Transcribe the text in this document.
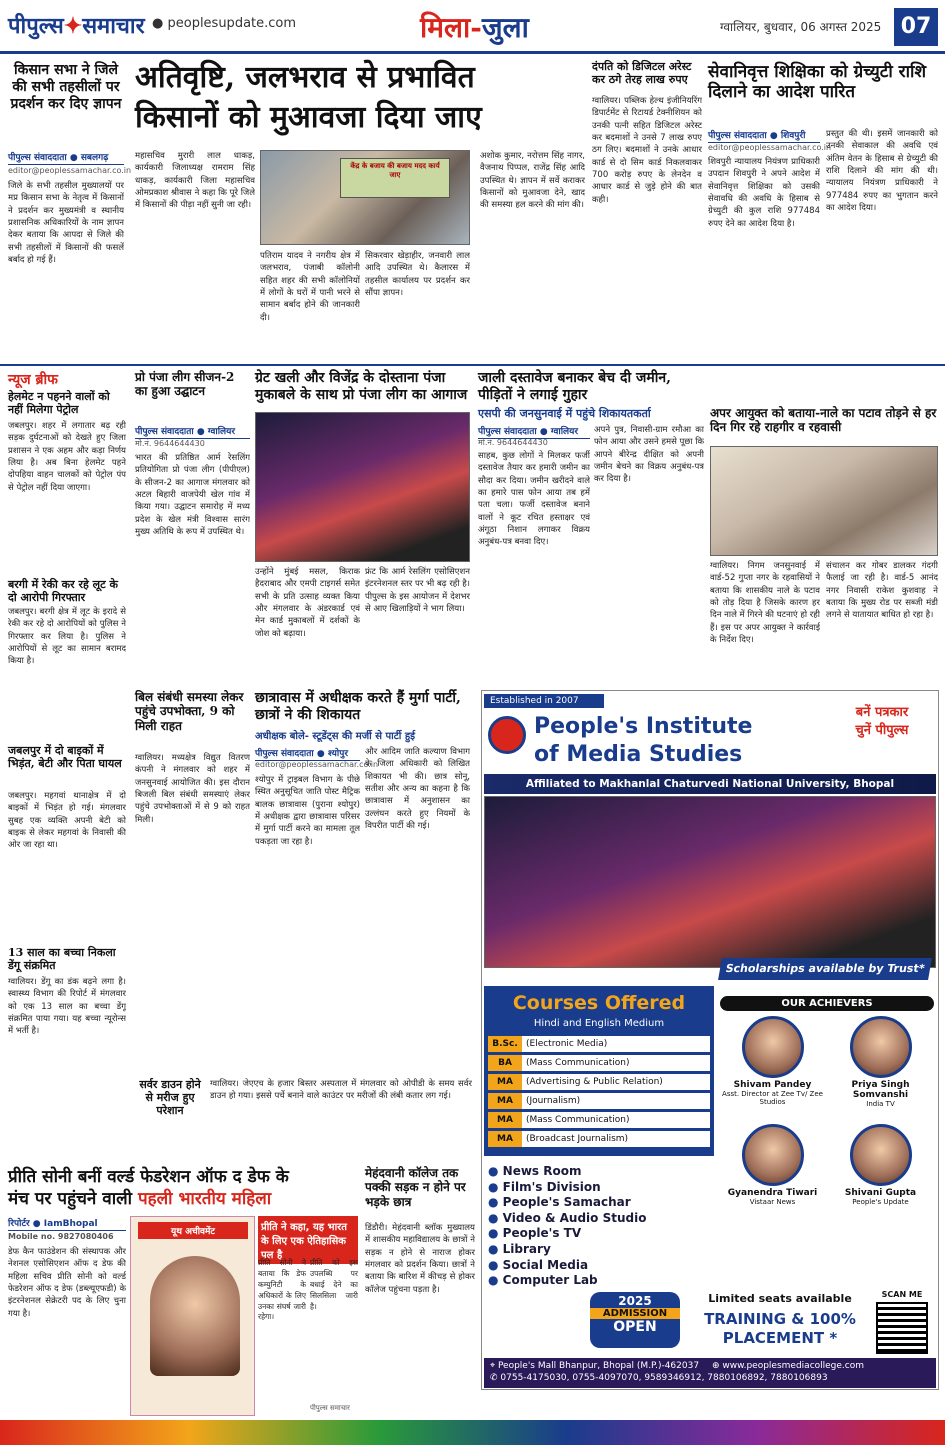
पीपुल्स✦समाचार ● peoplesupdate.com	मिला-जुला	ग्वालियर, बुधवार, 06 अगस्त 2025 07
किसान सभा ने जिले की सभी तहसीलों पर प्रदर्शन कर दिए ज्ञापन
पीपुल्स संवाददाता ● सबलगढ़
editor@peoplessamachar.co.in
जिले के सभी तहसील मुख्यालयों पर मप्र किसान सभा के नेतृत्व में किसानों ने प्रदर्शन कर मुख्यमंत्री व स्थानीय प्रशासनिक अधिकारियों के नाम ज्ञापन देकर बताया कि आपदा से जिले की सभी तहसीलों में किसानों की फसलें बर्बाद हो गई हैं।
अतिवृष्टि, जलभराव से प्रभावित
किसानों को मुआवजा दिया जाए
महासचिव मुरारी लाल धाकड़, कार्यकारी जिलाध्यक्ष रामराम सिंह धाकड़, कार्यकारी जिला महासचिव ओमप्रकाश श्रीवास ने कहा कि पूरे जिले में किसानों की पीड़ा नहीं सुनी जा रही।
केंद्र के बजाय की बजाय मदद कार्य जाए
पतिराम यादव ने नगरीय क्षेत्र में जलभराव, पंजाबी कॉलोनी सहित शहर की सभी कॉलोनियों में लोगों के घरों में पानी भरने से सामान बर्बाद होने की जानकारी दी।
सिकरवार खेड़ाहीर, जनवारी लाल आदि उपस्थित थे। कैलारस में तहसील कार्यालय पर प्रदर्शन कर सौंपा ज्ञापन।
अशोक कुमार, नरोत्तम सिंह नागर, वैजनाथ पिप्पल, राजेंद्र सिंह आदि उपस्थित थे। ज्ञापन में सर्वे कराकर किसानों को मुआवजा देने, खाद की समस्या हल करने की मांग की।
दंपति को डिजिटल अरेस्ट कर ठगे तेरह लाख रुपए
ग्वालियर। पब्लिक हेल्थ इंजीनियरिंग डिपार्टमेंट से रिटायर्ड टेक्नीशियन को उनकी पत्नी सहित डिजिटल अरेस्ट कर बदमाशों ने उनसे 7 लाख रुपए ठग लिए। बदमाशों ने उनके आधार कार्ड से दो सिम कार्ड निकलवाकर 700 करोड़ रुपए के लेनदेन व आधार कार्ड से जुड़े होने की बात कही।
सेवानिवृत्त शिक्षिका को ग्रेच्युटी राशि दिलाने का आदेश पारित
पीपुल्स संवाददाता ● शिवपुरी
editor@peoplessamachar.co.in
शिवपुरी न्यायालय नियंत्रण प्राधिकारी उपदान शिवपुरी ने अपने आदेश में सेवानिवृत्त शिक्षिका को उसकी सेवावधि की अवधि के हिसाब से ग्रेच्युटी की कुल राशि 977484 रुपए देने का आदेश दिया है।
प्रस्तुत की थी। इसमें जानकारी को उनकी सेवाकाल की अवधि एवं अंतिम वेतन के हिसाब से ग्रेच्युटी की राशि दिलाने की मांग की थी। न्यायालय नियंत्रण प्राधिकारी ने 977484 रुपए का भुगतान करने का आदेश दिया।
न्यूज ब्रीफ
हेलमेट न पहनने वालों को नहीं मिलेगा पेट्रोल
जबलपुर। शहर में लगातार बढ़ रही सड़क दुर्घटनाओं को देखते हुए जिला प्रशासन ने एक अहम और कड़ा निर्णय लिया है। अब बिना हेलमेट पहने दोपहिया वाहन चालकों को पेट्रोल पंप से पेट्रोल नहीं दिया जाएगा।
बरगी में रेकी कर रहे लूट के दो आरोपी गिरफ्तार
जबलपुर। बरगी क्षेत्र में लूट के इरादे से रेकी कर रहे दो आरोपियों को पुलिस ने गिरफ्तार कर लिया है। पुलिस ने आरोपियों से लूट का सामान बरामद किया है।
जबलपुर में दो बाइकों में भिड़ंत, बेटी और पिता घायल
जबलपुर। महगवां थानाक्षेत्र में दो बाइकों में भिड़ंत हो गई। मंगलवार सुबह एक व्यक्ति अपनी बेटी को बाइक से लेकर महगवां के निवासी की ओर जा रहा था।
13 साल का बच्चा निकला डेंगू संक्रमित
ग्वालियर। डेंगू का डंक बढ़ने लगा है। स्वास्थ्य विभाग की रिपोर्ट में मंगलवार को एक 13 साल का बच्चा डेंगू संक्रमित पाया गया। यह बच्चा न्यूरोन्स में भर्ती है।
प्रो पंजा लीग सीजन-2 का हुआ उद्घाटन
पीपुल्स संवाददाता ● ग्वालियर
मो.नं. 9644644430
भारत की प्रतिष्ठित आर्म रेसलिंग प्रतियोगिता प्रो पंजा लीग (पीपीएल) के सीजन-2 का आगाज मंगलवार को अटल बिहारी वाजपेयी खेल गांव में किया गया। उद्घाटन समारोह में मध्य प्रदेश के खेल मंत्री विश्वास सारंग मुख्य अतिथि के रूप में उपस्थित थे।
ग्रेट खली और विजेंद्र के दोस्ताना पंजा मुकाबले के साथ प्रो पंजा लीग का आगाज
उन्होंने मुंबई मसल, किराक हैदराबाद और एमपी टाइगर्स समेत सभी के प्रति उत्साह व्यक्त किया और मंगलवार के अंडरकार्ड एवं मेन कार्ड मुकाबलों में दर्शकों के जोश को बढ़ाया।
फ्रंट कि आर्म रेसलिंग एसोसिएशन इंटरनेशनल स्तर पर भी बढ़ रही है। पीपुल्स के इस आयोजन में देशभर से आए खिलाड़ियों ने भाग लिया।
जाली दस्तावेज बनाकर बेच दी जमीन, पीड़ितों ने लगाई गुहार
एसपी की जनसुनवाई में पहुंचे शिकायतकर्ता
पीपुल्स संवाददाता ● ग्वालियर
मो.नं. 9644644430
साहब, कुछ लोगों ने मिलकर फर्जी दस्तावेज तैयार कर हमारी जमीन का सौदा कर दिया। जमीन खरीदने वाले का हमारे पास फोन आया तब हमें पता चला। फर्जी दस्तावेज बनाने वालों ने कूट रचित हस्ताक्षर एवं अंगूठा निशान लगाकर विक्रय अनुबंध-पत्र बनवा दिए।
अपने पुत्र, निवासी-ग्राम रमौआ का फोन आया और उसने हमसे पूछा कि आपने बीरेन्द्र दीक्षित को अपनी जमीन बेचने का विक्रय अनुबंध-पत्र कर दिया है।
अपर आयुक्त को बताया-नाले का पटाव तोड़ने से हर दिन गिर रहे राहगीर व रहवासी
ग्वालियर। निगम जनसुनवाई में वार्ड-52 गुप्ता नगर के रहवासियों ने बताया कि शासकीय नाले के पटाव को तोड़ दिया है जिसके कारण हर दिन नाले में गिरने की घटनाएं हो रही हैं। इस पर अपर आयुक्त ने कार्रवाई के निर्देश दिए।
संचालन कर गोबर डालकर गंदगी फैलाई जा रही है। वार्ड-5 आनंद नगर निवासी राकेश कुशवाह ने बताया कि मुख्य रोड पर सब्जी मंडी लगने से यातायात बाधित हो रहा है।
बिल संबंधी समस्या लेकर पहुंचे उपभोक्ता, 9 को मिली राहत
ग्वालियर। मध्यक्षेत्र विद्युत वितरण कंपनी ने मंगलवार को शहर में जनसुनवाई आयोजित की। इस दौरान बिजली बिल संबंधी समस्याएं लेकर पहुंचे उपभोक्ताओं में से 9 को राहत मिली।
छात्रावास में अधीक्षक करते हैं मुर्गा पार्टी, छात्रों ने की शिकायत
अधीक्षक बोले- स्टूडेंट्स की मर्जी से पार्टी हुई
पीपुल्स संवाददाता ● श्योपुर
editor@peoplessamachar.co.in
श्योपुर में ट्राइबल विभाग के पीछे स्थित अनुसूचित जाति पोस्ट मैट्रिक बालक छात्रावास (पुराना श्योपुर) में अधीक्षक द्वारा छात्रावास परिसर में मुर्गा पार्टी करने का मामला तूल पकड़ता जा रहा है।
और आदिम जाति कल्याण विभाग के जिला अधिकारी को लिखित शिकायत भी की। छात्र सोनू, सतीश और अन्य का कहना है कि छात्रावास में अनुशासन का उल्लंघन करते हुए नियमों के विपरीत पार्टी की गई।
सर्वर डाउन होने से मरीज हुए परेशान
ग्वालियर। जेएएच के हजार बिस्तर अस्पताल में मंगलवार को ओपीडी के समय सर्वर डाउन हो गया। इससे पर्चे बनाने वाले काउंटर पर मरीजों की लंबी कतार लग गई।
प्रीति सोनी बनीं वर्ल्ड फेडरेशन ऑफ द डेफ के
मंच पर पहुंचने वाली पहली भारतीय महिला
रिपोर्टर ● IamBhopal
Mobile no. 9827080406
डेफ कैन फाउंडेशन की संस्थापक और नेशनल एसोसिएशन ऑफ द डेफ की महिला सचिव प्रीति सोनी को वर्ल्ड फेडरेशन ऑफ द डेफ (डब्ल्यूएफडी) के इंटरनेशनल सेक्रेटरी पद के लिए चुना गया है।
यूथ अचीवमेंट	प्रीति ने कहा, यह भारत के लिए एक ऐतिहासिक पल है
प्रीति सोनी ने बताया कि डेफ कम्युनिटी के अधिकारों के लिए उनका संघर्ष जारी रहेगा।
प्रीति को इस उपलब्धि पर बधाई देने का सिलसिला जारी है।
पीपुल्स समाचार
मेहंदवानी कॉलेज तक पक्की सड़क न होने पर भड़के छात्र
डिंडौरी। मेहंदवानी ब्लॉक मुख्यालय में शासकीय महाविद्यालय के छात्रों ने सड़क न होने से नाराज होकर मंगलवार को प्रदर्शन किया। छात्रों ने बताया कि बारिश में कीचड़ से होकर कॉलेज पहुंचना पड़ता है।
Established in 2007
People's Institute
of Media Studies
बनें पत्रकार
चुनें पीपुल्स
Affiliated to Makhanlal Chaturvedi National University, Bhopal
Scholarships available by Trust*
Courses Offered
Hindi and English Medium
B.Sc. (Electronic Media)
BA	(Mass Communication)
MA	(Advertising & Public Relation)
MA	(Journalism)
MA	(Mass Communication)
MA	(Broadcast Journalism)
OUR ACHIEVERS
Shivam Pandey
Asst. Director at Zee Tv/ Zee Studios
Priya Singh Somvanshi
India TV
Gyanendra Tiwari
Vistaar News
Shivani Gupta
People's Update
● News Room
● Film's Division
● People's Samachar
● Video & Audio Studio
● People's TV
● Library
● Social Media
● Computer Lab
2025
ADMISSION
OPEN
Limited seats available
TRAINING & 100%
PLACEMENT *
SCAN ME
⌖ People's Mall Bhanpur, Bhopal (M.P.)-462037 ⊕ www.peoplesmediacollege.com
✆ 0755-4175030, 0755-4097070, 9589346912, 7880106892, 7880106893
